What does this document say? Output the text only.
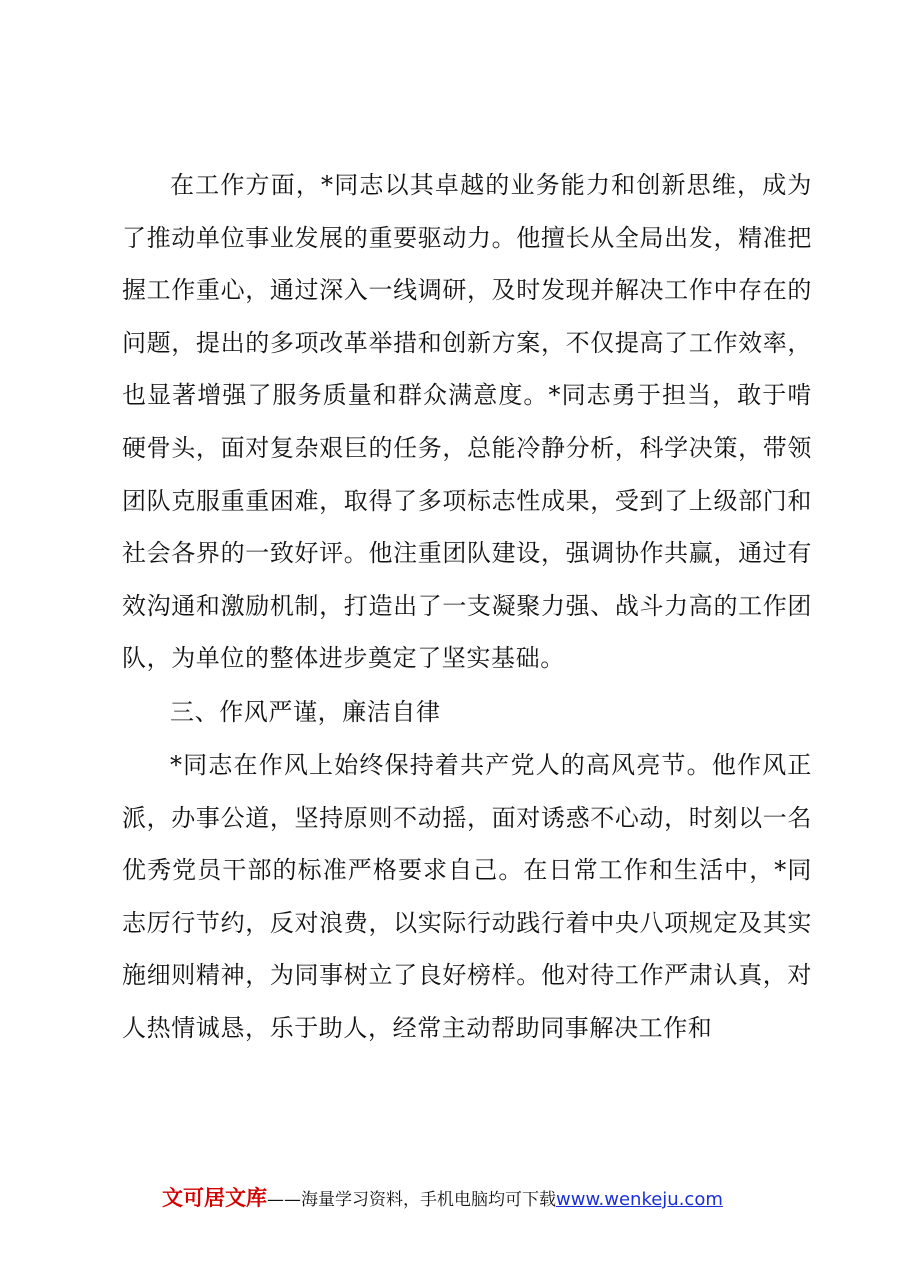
在工作方面，*同志以其卓越的业务能力和创新思维，成为了推动单位事业发展的重要驱动力。他擅长从全局出发，精准把握工作重心，通过深入一线调研，及时发现并解决工作中存在的问题，提出的多项改革举措和创新方案，不仅提高了工作效率，也显著增强了服务质量和群众满意度。*同志勇于担当，敢于啃硬骨头，面对复杂艰巨的任务，总能冷静分析，科学决策，带领团队克服重重困难，取得了多项标志性成果，受到了上级部门和社会各界的一致好评。他注重团队建设，强调协作共赢，通过有效沟通和激励机制，打造出了一支凝聚力强、战斗力高的工作团队，为单位的整体进步奠定了坚实基础。

三、作风严谨，廉洁自律

*同志在作风上始终保持着共产党人的高风亮节。他作风正派，办事公道，坚持原则不动摇，面对诱惑不心动，时刻以一名优秀党员干部的标准严格要求自己。在日常工作和生活中，*同志厉行节约，反对浪费，以实际行动践行着中央八项规定及其实施细则精神，为同事树立了良好榜样。他对待工作严肃认真，对人热情诚恳，乐于助人，经常主动帮助同事解决工作和

文可居文库——海量学习资料，手机电脑均可下载www.wenkeju.com
